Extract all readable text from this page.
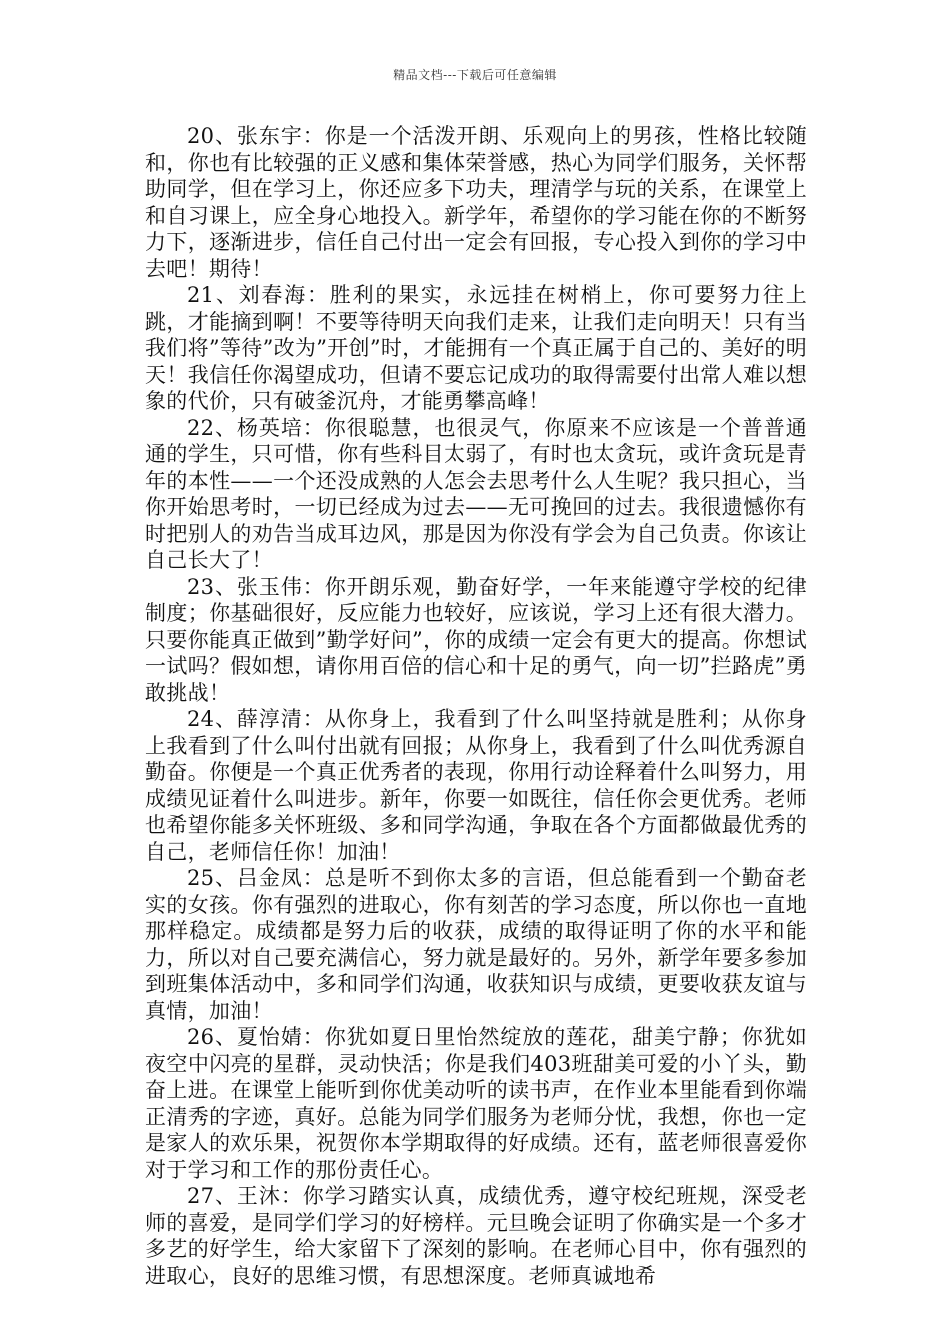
精品文档---下载后可任意编辑

20、张东宇：你是一个活泼开朗、乐观向上的男孩，性格比较随和，你也有比较强的正义感和集体荣誉感，热心为同学们服务，关怀帮助同学，但在学习上，你还应多下功夫，理清学与玩的关系，在课堂上和自习课上，应全身心地投入。新学年，希望你的学习能在你的不断努力下，逐渐进步，信任自己付出一定会有回报，专心投入到你的学习中去吧！期待！

21、刘春海：胜利的果实，永远挂在树梢上，你可要努力往上跳，才能摘到啊！不要等待明天向我们走来，让我们走向明天！只有当我们将”等待”改为”开创”时，才能拥有一个真正属于自己的、美好的明天！我信任你渴望成功，但请不要忘记成功的取得需要付出常人难以想象的代价，只有破釜沉舟，才能勇攀高峰！

22、杨英培：你很聪慧，也很灵气，你原来不应该是一个普普通通的学生，只可惜，你有些科目太弱了，有时也太贪玩，或许贪玩是青年的本性——一个还没成熟的人怎会去思考什么人生呢？我只担心，当你开始思考时，一切已经成为过去——无可挽回的过去。我很遗憾你有时把别人的劝告当成耳边风，那是因为你没有学会为自己负责。你该让自己长大了！

23、张玉伟：你开朗乐观，勤奋好学，一年来能遵守学校的纪律制度；你基础很好，反应能力也较好，应该说，学习上还有很大潜力。只要你能真正做到”勤学好问”，你的成绩一定会有更大的提高。你想试一试吗？假如想，请你用百倍的信心和十足的勇气，向一切”拦路虎”勇敢挑战！

24、薛淳清：从你身上，我看到了什么叫坚持就是胜利；从你身上我看到了什么叫付出就有回报；从你身上，我看到了什么叫优秀源自勤奋。你便是一个真正优秀者的表现，你用行动诠释着什么叫努力，用成绩见证着什么叫进步。新年，你要一如既往，信任你会更优秀。老师也希望你能多关怀班级、多和同学沟通，争取在各个方面都做最优秀的自己，老师信任你！加油！

25、吕金凤：总是听不到你太多的言语，但总能看到一个勤奋老实的女孩。你有强烈的进取心，你有刻苦的学习态度，所以你也一直地那样稳定。成绩都是努力后的收获，成绩的取得证明了你的水平和能力，所以对自己要充满信心，努力就是最好的。另外，新学年要多参加到班集体活动中，多和同学们沟通，收获知识与成绩，更要收获友谊与真情，加油！

26、夏怡婧：你犹如夏日里怡然绽放的莲花，甜美宁静；你犹如夜空中闪亮的星群，灵动快活；你是我们403班甜美可爱的小丫头，勤奋上进。在课堂上能听到你优美动听的读书声，在作业本里能看到你端正清秀的字迹，真好。总能为同学们服务为老师分忧，我想，你也一定是家人的欢乐果，祝贺你本学期取得的好成绩。还有，蓝老师很喜爱你对于学习和工作的那份责任心。

27、王沐：你学习踏实认真，成绩优秀，遵守校纪班规，深受老师的喜爱，是同学们学习的好榜样。元旦晚会证明了你确实是一个多才多艺的好学生，给大家留下了深刻的影响。在老师心目中，你有强烈的进取心，良好的思维习惯，有思想深度。老师真诚地希
